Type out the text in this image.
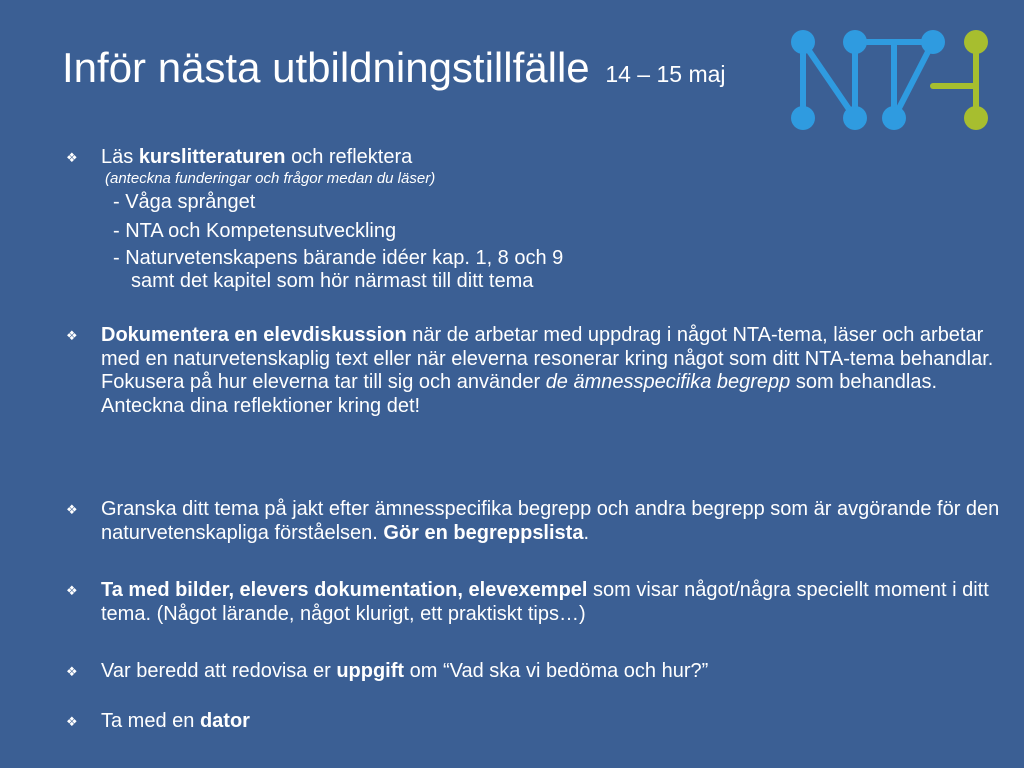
Inför nästa utbildningstillfälle 14 – 15 maj
❖ Läs kurslitteraturen och reflektera
(anteckna funderingar och frågor medan du läser)
- Våga språnget
- NTA och Kompetensutveckling
- Naturvetenskapens bärande idéer kap. 1, 8 och 9
samt det kapitel som hör närmast till ditt tema
❖ Dokumentera en elevdiskussion när de arbetar med uppdrag i något NTA-tema, läser och arbetar med en naturvetenskaplig text eller när eleverna resonerar kring något som ditt NTA-tema behandlar.
Fokusera på hur eleverna tar till sig och använder de ämnesspecifika begrepp som behandlas.
Anteckna dina reflektioner kring det!
❖ Granska ditt tema på jakt efter ämnesspecifika begrepp och andra begrepp som är avgörande för den naturvetenskapliga förståelsen. Gör en begreppslista.
❖ Ta med bilder, elevers dokumentation, elevexempel som visar något/några speciellt moment i ditt tema. (Något lärande, något klurigt, ett praktiskt tips…)
❖ Var beredd att redovisa er uppgift om “Vad ska vi bedöma och hur?”
❖ Ta med en dator
